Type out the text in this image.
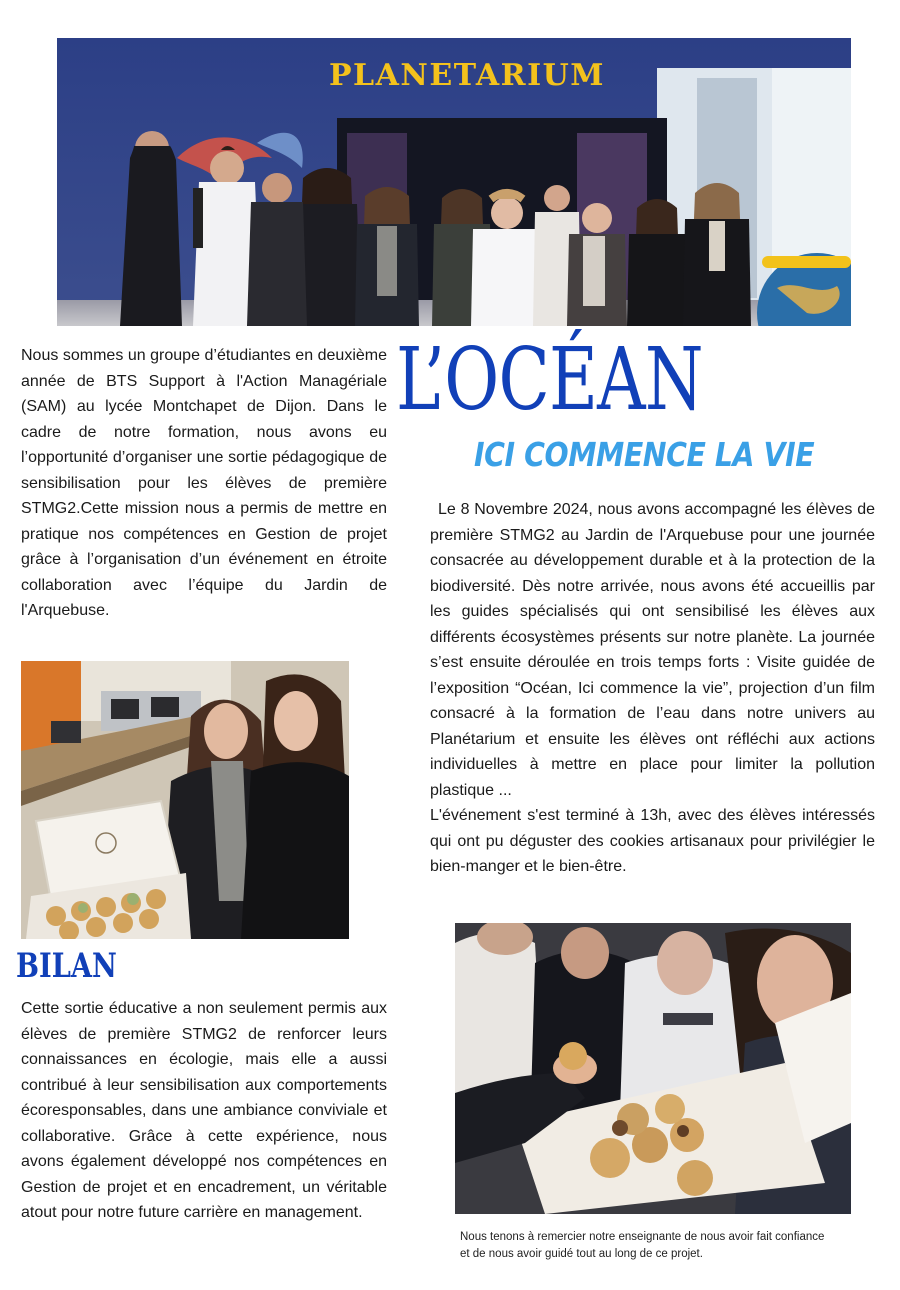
PLANETARIUM
Nous sommes un groupe d’étudiantes en deuxième année de BTS Support à l'Action Managériale (SAM) au lycée Montchapet de Dijon. Dans le cadre de notre formation, nous avons eu l’opportunité d’organiser une sortie pédagogique de sensibilisation pour les élèves de première STMG2.Cette mission nous a permis de mettre en pratique nos compétences en Gestion de projet grâce à l’organisation d’un événement en étroite collaboration avec l’équipe du Jardin de l'Arquebuse.
L’OCÉAN
ICI COMMENCE LA VIE
Le 8 Novembre 2024, nous avons accompagné les élèves de première STMG2 au Jardin de l'Arquebuse pour une journée consacrée au développement durable et à la protection de la biodiversité. Dès notre arrivée, nous avons été accueillis par les guides spécialisés qui ont sensibilisé les élèves aux différents écosystèmes présents sur notre planète. La journée s’est ensuite déroulée en trois temps forts : Visite guidée de l’exposition “Océan, Ici commence la vie”, projection d’un film consacré à la formation de l’eau dans notre univers au Planétarium et ensuite les élèves ont réfléchi aux actions individuelles à mettre en place pour limiter la pollution plastique ...
L'événement s'est terminé à 13h, avec des élèves intéressés qui ont pu déguster des cookies artisanaux pour privilégier le bien-manger et le bien-être.
BILAN
Cette sortie éducative a non seulement permis aux élèves de première STMG2 de renforcer leurs connaissances en écologie, mais elle a aussi contribué à leur sensibilisation aux comportements écoresponsables, dans une ambiance conviviale et collaborative. Grâce à cette expérience, nous avons également développé nos compétences en Gestion de projet et en encadrement, un véritable atout pour notre future carrière en management.
Nous tenons à remercier notre enseignante de nous avoir fait confiance et de nous avoir guidé tout au long de ce projet.
